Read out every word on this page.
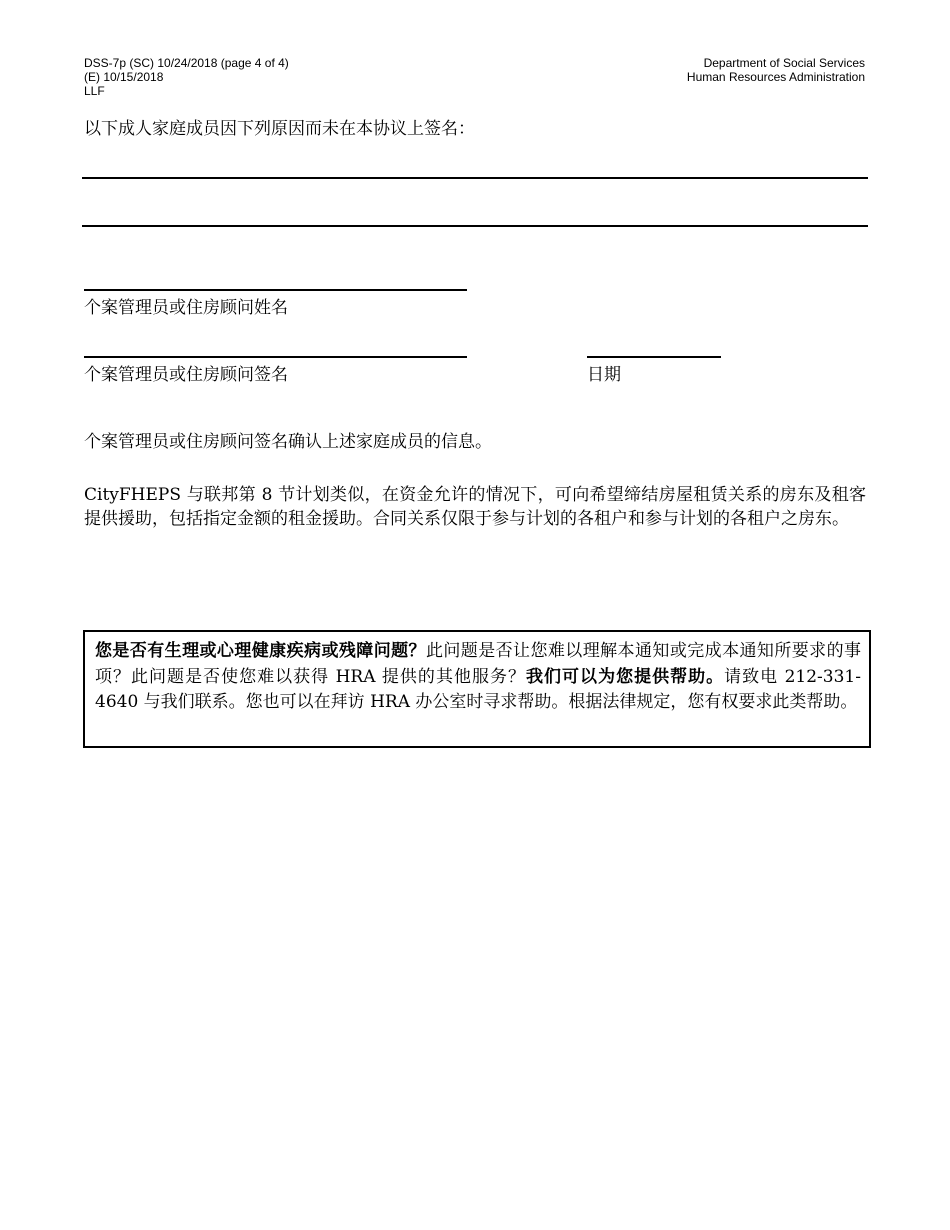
DSS-7p (SC) 10/24/2018 (page 4 of 4)
(E) 10/15/2018
LLF
Department of Social Services
Human Resources Administration
以下成人家庭成员因下列原因而未在本协议上签名：
个案管理员或住房顾问姓名
个案管理员或住房顾问签名	日期
个案管理员或住房顾问签名确认上述家庭成员的信息。
CityFHEPS 与联邦第 8 节计划类似，在资金允许的情况下，可向希望缔结房屋租赁关系的房东及租客提供援助，包括指定金额的租金援助。合同关系仅限于参与计划的各租户和参与计划的各租户之房东。
您是否有生理或心理健康疾病或残障问题？此问题是否让您难以理解本通知或完成本通知所要求的事项？此问题是否使您难以获得 HRA 提供的其他服务？我们可以为您提供帮助。请致电 212-331-4640 与我们联系。您也可以在拜访 HRA 办公室时寻求帮助。根据法律规定，您有权要求此类帮助。
